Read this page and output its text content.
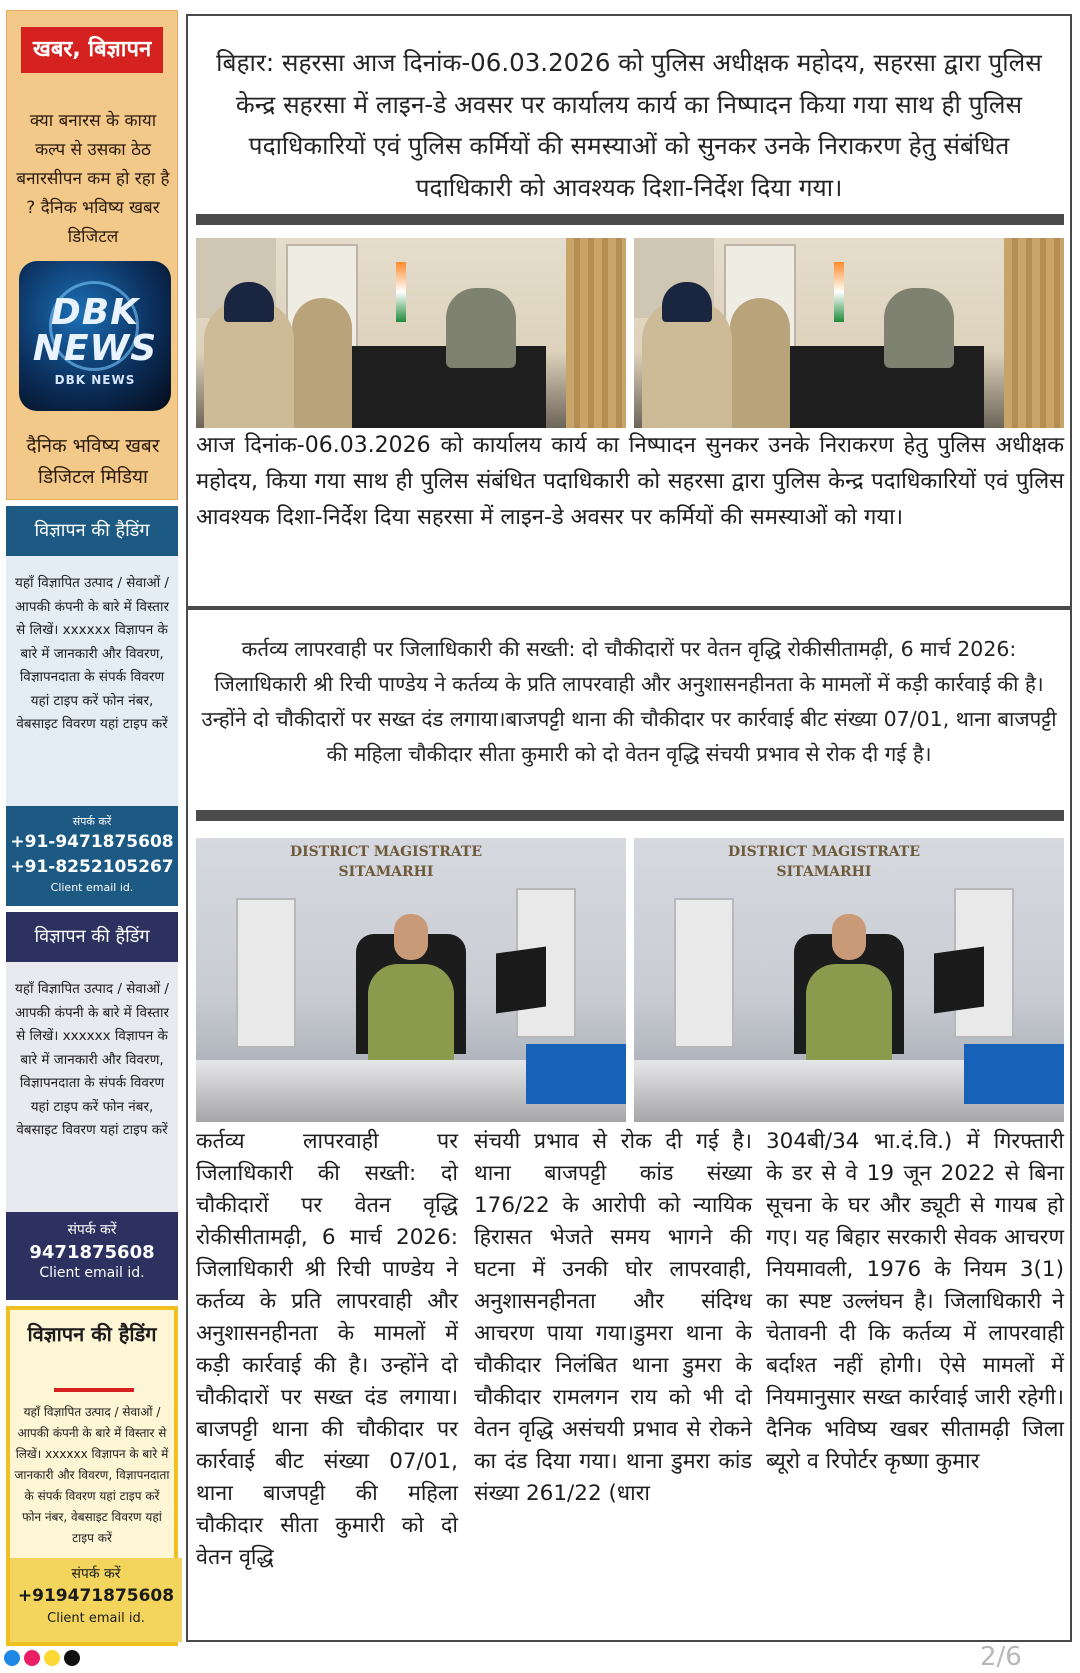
खबर, बिज्ञापन
क्या बनारस के काया कल्प से उसका ठेठ बनारसीपन कम हो रहा है ? दैनिक भविष्य खबर डिजिटल
DBK NEWS
DBK NEWS
दैनिक भविष्य खबर डिजिटल मिडिया
विज्ञापन की हैडिंग
यहाँ विज्ञापित उत्पाद / सेवाओं / आपकी कंपनी के बारे में विस्तार से लिखें। xxxxxx विज्ञापन के बारे में जानकारी और विवरण, विज्ञापनदाता के संपर्क विवरण यहां टाइप करें फोन नंबर, वेबसाइट विवरण यहां टाइप करें
संपर्क करें
+91-9471875608
+91-8252105267
Client email id.
विज्ञापन की हैडिंग
यहाँ विज्ञापित उत्पाद / सेवाओं / आपकी कंपनी के बारे में विस्तार से लिखें। xxxxxx विज्ञापन के बारे में जानकारी और विवरण, विज्ञापनदाता के संपर्क विवरण यहां टाइप करें फोन नंबर, वेबसाइट विवरण यहां टाइप करें
संपर्क करें
9471875608
Client email id.
विज्ञापन की हैडिंग
यहाँ विज्ञापित उत्पाद / सेवाओं / आपकी कंपनी के बारे में विस्तार से लिखें। xxxxxx विज्ञापन के बारे में जानकारी और विवरण, विज्ञापनदाता के संपर्क विवरण यहां टाइप करें फोन नंबर, वेबसाइट विवरण यहां टाइप करें
संपर्क करें
+919471875608
Client email id.
बिहार: सहरसा आज दिनांक-06.03.2026 को पुलिस अधीक्षक महोदय, सहरसा द्वारा पुलिस केन्द्र सहरसा में लाइन-डे अवसर पर कार्यालय कार्य का निष्पादन किया गया साथ ही पुलिस पदाधिकारियों एवं पुलिस कर्मियों की समस्याओं को सुनकर उनके निराकरण हेतु संबंधित पदाधिकारी को आवश्यक दिशा-निर्देश दिया गया।
आज दिनांक-06.03.2026 को कार्यालय कार्य का निष्पादन सुनकर उनके निराकरण हेतु पुलिस अधीक्षक महोदय, किया गया साथ ही पुलिस संबंधित पदाधिकारी को सहरसा द्वारा पुलिस केन्द्र पदाधिकारियों एवं पुलिस आवश्यक दिशा-निर्देश दिया सहरसा में लाइन-डे अवसर पर कर्मियों की समस्याओं को गया।
कर्तव्य लापरवाही पर जिलाधिकारी की सख्ती: दो चौकीदारों पर वेतन वृद्धि रोकीसीतामढ़ी, 6 मार्च 2026: जिलाधिकारी श्री रिची पाण्डेय ने कर्तव्य के प्रति लापरवाही और अनुशासनहीनता के मामलों में कड़ी कार्रवाई की है। उन्होंने दो चौकीदारों पर सख्त दंड लगाया।बाजपट्टी थाना की चौकीदार पर कार्रवाई बीट संख्या 07/01, थाना बाजपट्टी की महिला चौकीदार सीता कुमारी को दो वेतन वृद्धि संचयी प्रभाव से रोक दी गई है।
DISTRICT MAGISTRATE
SITAMARHI
DISTRICT MAGISTRATE
SITAMARHI
कर्तव्य लापरवाही पर जिलाधिकारी की सख्ती: दो चौकीदारों पर वेतन वृद्धि रोकीसीतामढ़ी, 6 मार्च 2026: जिलाधिकारी श्री रिची पाण्डेय ने कर्तव्य के प्रति लापरवाही और अनुशासनहीनता के मामलों में कड़ी कार्रवाई की है। उन्होंने दो चौकीदारों पर सख्त दंड लगाया।बाजपट्टी थाना की चौकीदार पर कार्रवाई बीट संख्या 07/01, थाना बाजपट्टी की महिला चौकीदार सीता कुमारी को दो वेतन वृद्धि
संचयी प्रभाव से रोक दी गई है। थाना बाजपट्टी कांड संख्या 176/22 के आरोपी को न्यायिक हिरासत भेजते समय भागने की घटना में उनकी घोर लापरवाही, अनुशासनहीनता और संदिग्ध आचरण पाया गया।डुमरा थाना के चौकीदार निलंबित थाना डुमरा के चौकीदार रामलगन राय को भी दो वेतन वृद्धि असंचयी प्रभाव से रोकने का दंड दिया गया। थाना डुमरा कांड संख्या 261/22 (धारा
304बी/34 भा.दं.वि.) में गिरफ्तारी के डर से वे 19 जून 2022 से बिना सूचना के घर और ड्यूटी से गायब हो गए। यह बिहार सरकारी सेवक आचरण नियमावली, 1976 के नियम 3(1) का स्पष्ट उल्लंघन है। जिलाधिकारी ने चेतावनी दी कि कर्तव्य में लापरवाही बर्दाश्त नहीं होगी। ऐसे मामलों में नियमानुसार सख्त कार्रवाई जारी रहेगी। दैनिक भविष्य खबर सीतामढ़ी जिला ब्यूरो व रिपोर्टर कृष्णा कुमार
2/6
